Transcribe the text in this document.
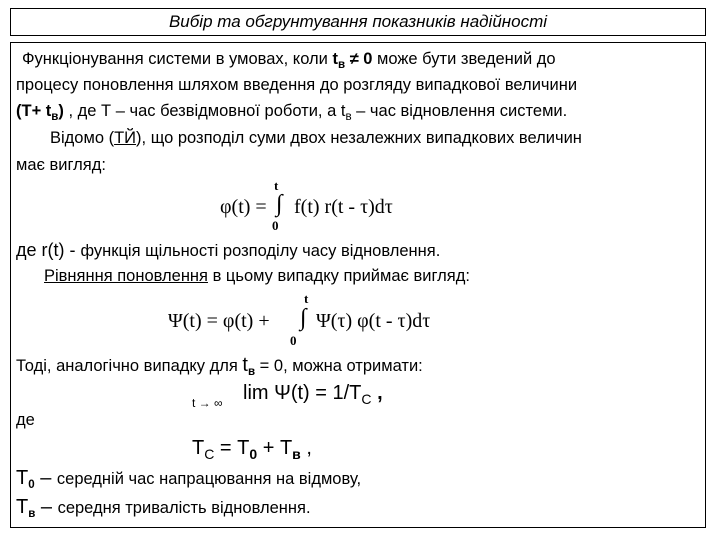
Вибір та обгрунтування показників надійності
Функціонування системи в умовах, коли $t_в \ne 0$ може бути зведений до
процесу поновлення шляхом введення до розгляду випадкової величини
$(Т+ t_в)$ , де Т – час безвідмовної роботи, а $t_в$ – час відновлення системи.
Відомо (ТЙ), що розподіл суми двох незалежних випадкових величин
має вигляд:
t
φ(t) = ∫ f(t) r(t - τ)dτ
0
де r(t) - функція щільності розподілу часу відновлення.
Рівняння поновлення в цьому випадку приймає вигляд:
t
Ψ(t) = φ(t) + ∫ Ψ(τ) φ(t - τ)dτ
0
Тоді, аналогічно випадку для $t_в = 0$, можна отримати:
t → ∞ $\lim \Psi(t) = 1/Т_С$ ,
де
$Т_С = Т_0 + Т_в$ ,
$Т_0$ – середній час напрацювання на відмову,
$Т_в$ – середня тривалість відновлення.
